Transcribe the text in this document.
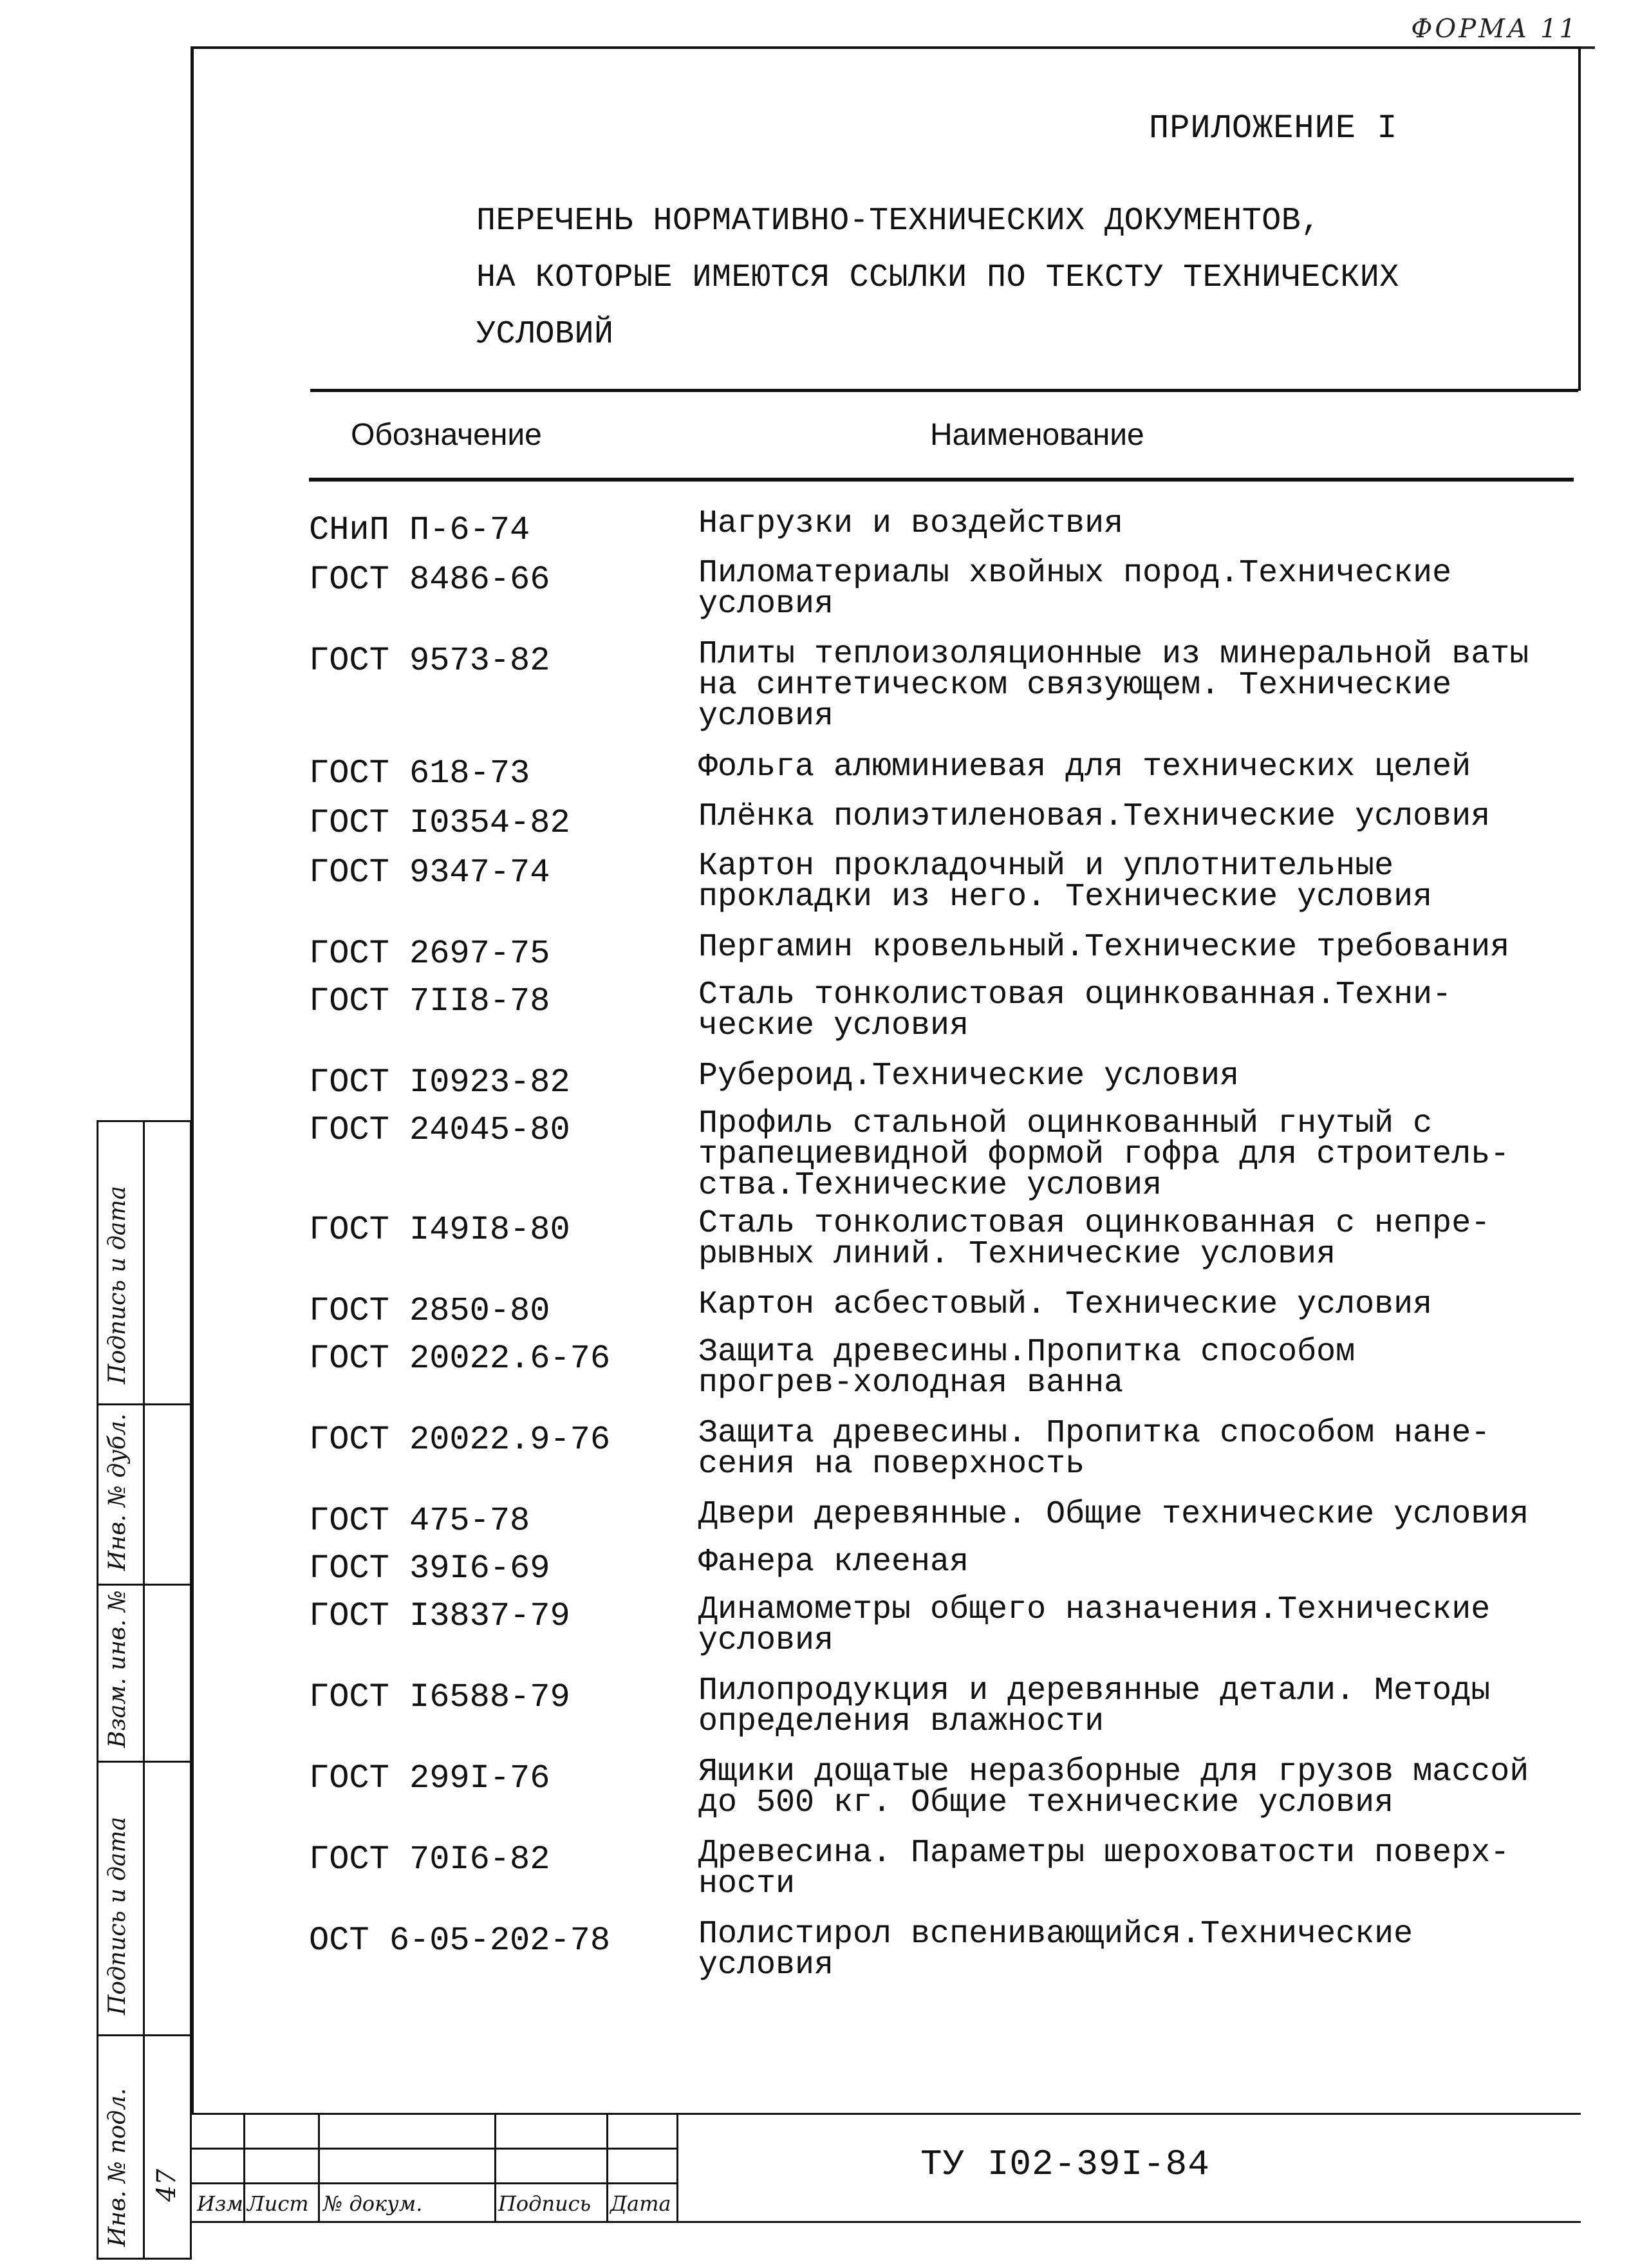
ФОРМА 11
ПРИЛОЖЕНИЕ I
ПЕРЕЧЕНЬ НОРМАТИВНО-ТЕХНИЧЕСКИХ ДОКУМЕНТОВ,
НА КОТОРЫЕ ИМЕЮТСЯ ССЫЛКИ ПО ТЕКСТУ ТЕХНИЧЕСКИХ
УСЛОВИЙ
Обозначение	Наименование
СНиП П-6-74	Нагрузки и воздействия
ГОСТ 8486-66	Пиломатериалы хвойных пород.Технические
условия
ГОСТ 9573-82	Плиты теплоизоляционные из минеральной ваты
на синтетическом связующем. Технические
условия
ГОСТ 618-73	Фольга алюминиевая для технических целей
ГОСТ I0354-82	Плёнка полиэтиленовая.Технические условия
ГОСТ 9347-74	Картон прокладочный и уплотнительные
прокладки из него. Технические условия
ГОСТ 2697-75	Пергамин кровельный.Технические требования
ГОСТ 7II8-78	Сталь тонколистовая оцинкованная.Техни-
ческие условия
ГОСТ I0923-82	Рубероид.Технические условия
ГОСТ 24045-80	Профиль стальной оцинкованный гнутый с
трапециевидной формой гофра для строитель-
ства.Технические условия
ГОСТ I49I8-80	Сталь тонколистовая оцинкованная с непре-
рывных линий. Технические условия
ГОСТ 2850-80	Картон асбестовый. Технические условия
ГОСТ 20022.6-76	Защита древесины.Пропитка способом
прогрев-холодная ванна
ГОСТ 20022.9-76	Защита древесины. Пропитка способом нане-
сения на поверхность
ГОСТ 475-78	Двери деревянные. Общие технические условия
ГОСТ 39I6-69	Фанера клееная
ГОСТ I3837-79	Динамометры общего назначения.Технические
условия
ГОСТ I6588-79	Пилопродукция и деревянные детали. Методы
определения влажности
ГОСТ 299I-76	Ящики дощатые неразборные для грузов массой
до 500 кг. Общие технические условия
ГОСТ 70I6-82	Древесина. Параметры шероховатости поверх-
ности
ОСТ 6-05-202-78	Полистирол вспенивающийся.Технические
условия
Подпись и дата
Инв. № дубл.
Взам. инв. №
Подпись и дата
Инв. № подл. 47
Изм Лист № докум.	Подпись Дата
ТУ I02-39I-84
